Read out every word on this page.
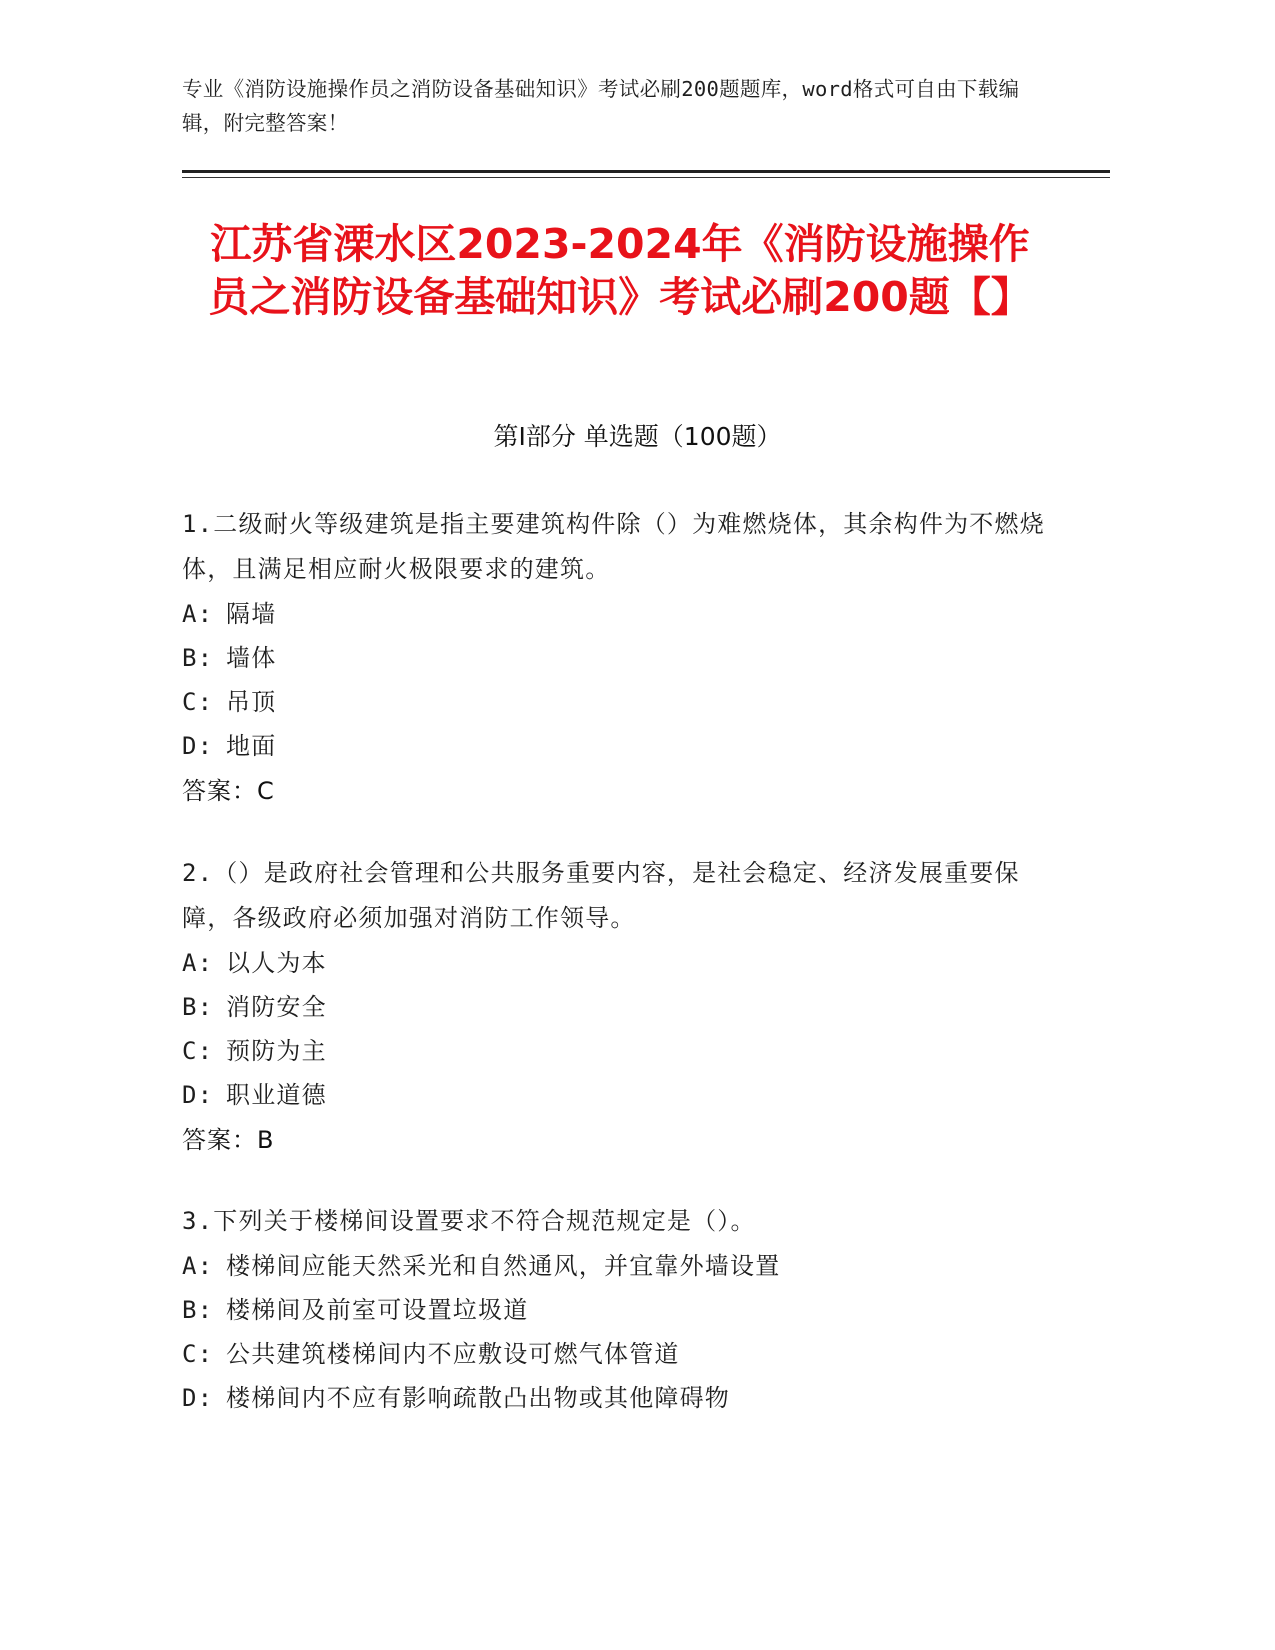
专业《消防设施操作员之消防设备基础知识》考试必刷200题题库，word格式可自由下载编辑，附完整答案！
江苏省溧水区2023-2024年《消防设施操作员之消防设备基础知识》考试必刷200题【】
第Ⅰ部分 单选题（100题）

1.二级耐火等级建筑是指主要建筑构件除（）为难燃烧体，其余构件为不燃烧体，且满足相应耐火极限要求的建筑。

A: 隔墙

B: 墙体

C: 吊顶

D: 地面

答案：C

2.（）是政府社会管理和公共服务重要内容，是社会稳定、经济发展重要保障，各级政府必须加强对消防工作领导。

A: 以人为本

B: 消防安全

C: 预防为主

D: 职业道德

答案：B

3.下列关于楼梯间设置要求不符合规范规定是（）。

A: 楼梯间应能天然采光和自然通风，并宜靠外墙设置

B: 楼梯间及前室可设置垃圾道

C: 公共建筑楼梯间内不应敷设可燃气体管道

D: 楼梯间内不应有影响疏散凸出物或其他障碍物
